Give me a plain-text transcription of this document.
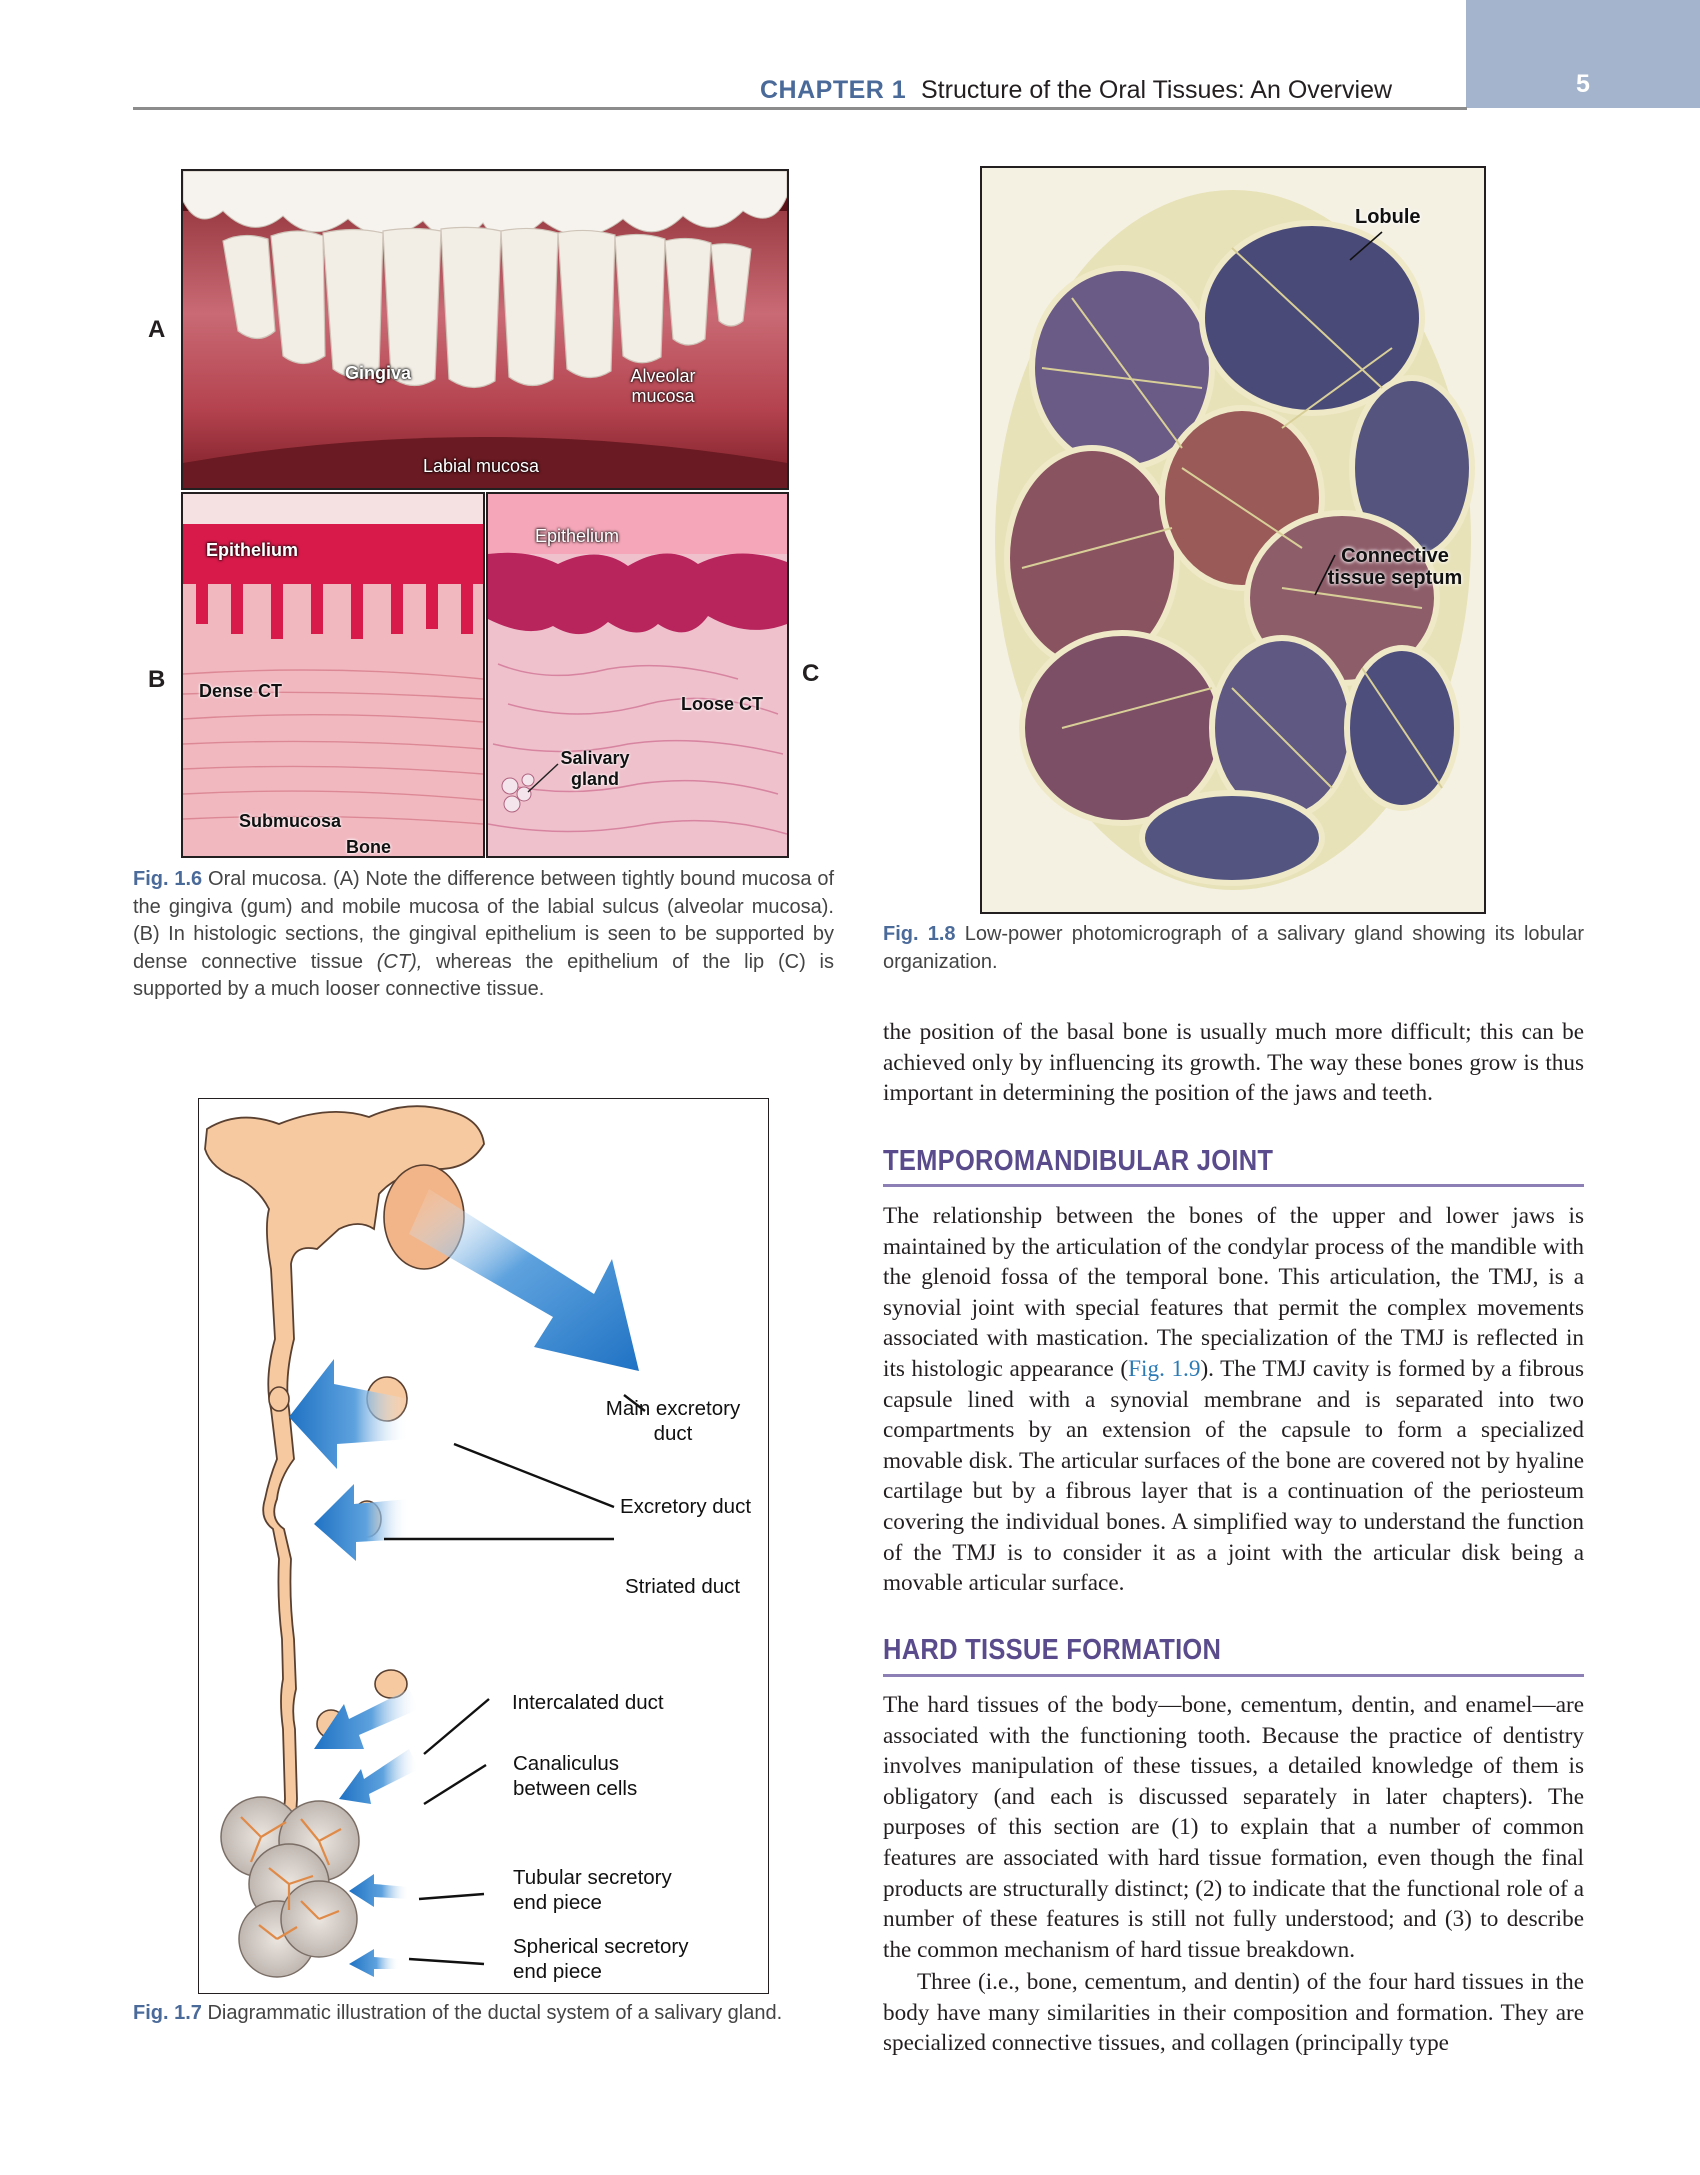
5
CHAPTER 1 Structure of the Oral Tissues: An Overview
A
B	C
Gingiva	Alveolar mucosa
Labial mucosa
Epithelium
Dense CT
Submucosa
Bone
Epithelium
Loose CT
Salivary gland
Fig. 1.6 Oral mucosa. (A) Note the difference between tightly bound mucosa of the gingiva (gum) and mobile mucosa of the labial sulcus (alveolar mucosa). (B) In histologic sections, the gingival epithelium is seen to be supported by dense connective tissue (CT), whereas the epithelium of the lip (C) is supported by a much looser connective tissue.
Lobule
Connective tissue septum
Fig. 1.8 Low-power photomicrograph of a salivary gland showing its lobular organization.
Main excretory duct
Excretory duct
Striated duct
Intercalated duct
Canaliculus between cells
Tubular secretory end piece
Spherical secretory end piece
Fig. 1.7 Diagrammatic illustration of the ductal system of a salivary gland.
the position of the basal bone is usually much more difficult; this can be achieved only by influencing its growth. The way these bones grow is thus important in determining the position of the jaws and teeth.
TEMPOROMANDIBULAR JOINT
The relationship between the bones of the upper and lower jaws is maintained by the articulation of the condylar process of the mandible with the glenoid fossa of the temporal bone. This articulation, the TMJ, is a synovial joint with special features that permit the complex movements associated with mastication. The specialization of the TMJ is reflected in its histologic appearance (Fig. 1.9). The TMJ cavity is formed by a fibrous capsule lined with a synovial membrane and is separated into two compartments by an extension of the capsule to form a specialized movable disk. The articular surfaces of the bone are covered not by hyaline cartilage but by a fibrous layer that is a continuation of the periosteum covering the individual bones. A simplified way to understand the function of the TMJ is to consider it as a joint with the articular disk being a movable articular surface.
HARD TISSUE FORMATION
The hard tissues of the body—bone, cementum, dentin, and enamel—are associated with the functioning tooth. Because the practice of dentistry involves manipulation of these tissues, a detailed knowledge of them is obligatory (and each is discussed separately in later chapters). The purposes of this section are (1) to explain that a number of common features are associated with hard tissue formation, even though the final products are structurally distinct; (2) to indicate that the functional role of a number of these features is still not fully understood; and (3) to describe the common mechanism of hard tissue breakdown.
Three (i.e., bone, cementum, and dentin) of the four hard tissues in the body have many similarities in their composition and formation. They are specialized connective tissues, and collagen (principally type
